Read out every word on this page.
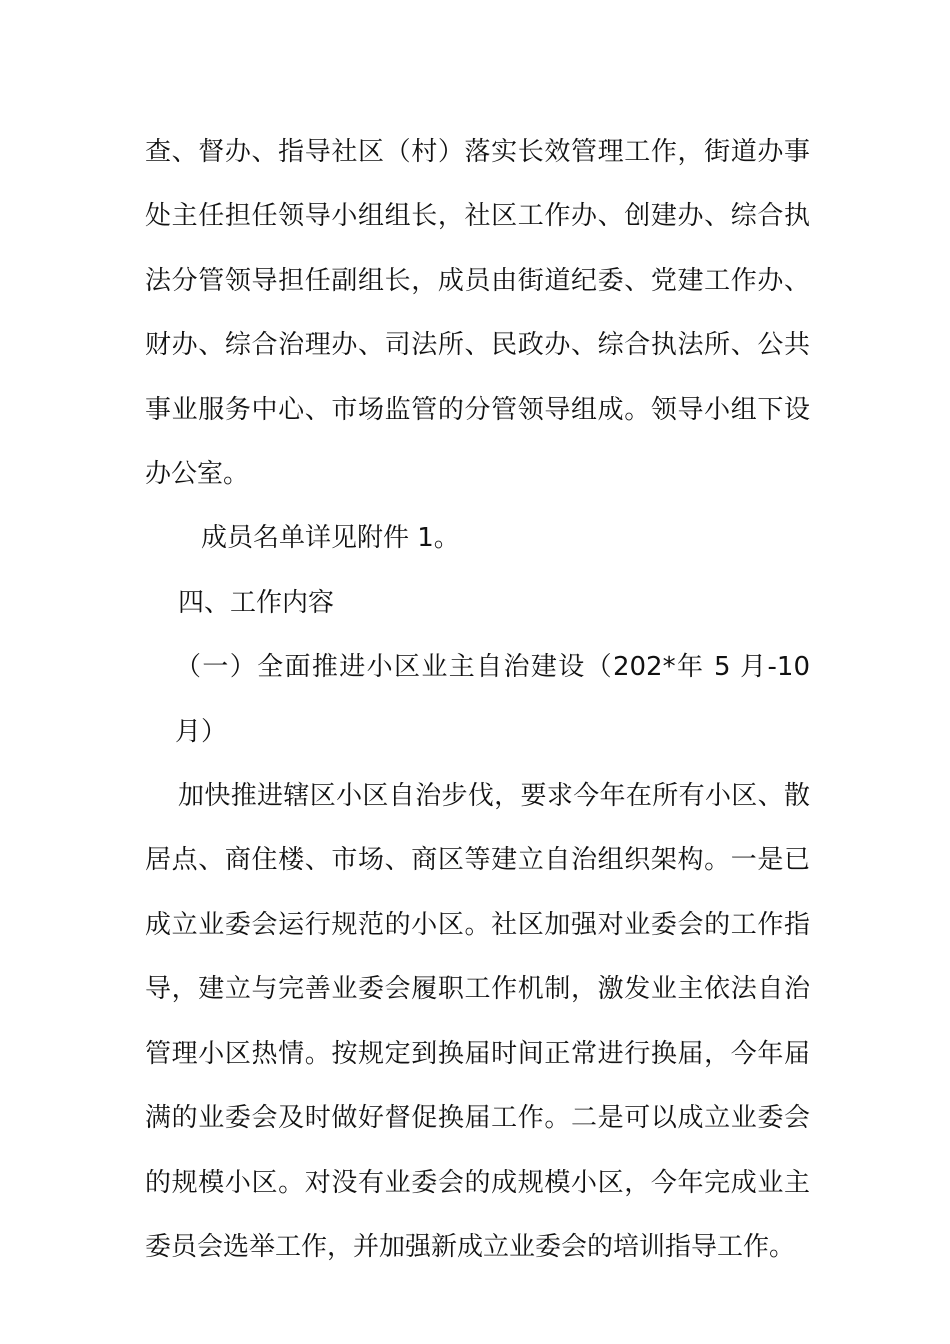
查、督办、指导社区（村）落实长效管理工作，街道办事处主任担任领导小组组长，社区工作办、创建办、综合执法分管领导担任副组长，成员由街道纪委、党建工作办、财办、综合治理办、司法所、民政办、综合执法所、公共事业服务中心、市场监管的分管领导组成。领导小组下设办公室。

成员名单详见附件 1。

四、工作内容

（一）全面推进小区业主自治建设（202*年 5 月-10 月）

加快推进辖区小区自治步伐，要求今年在所有小区、散居点、商住楼、市场、商区等建立自治组织架构。一是已成立业委会运行规范的小区。社区加强对业委会的工作指导，建立与完善业委会履职工作机制，激发业主依法自治管理小区热情。按规定到换届时间正常进行换届，今年届满的业委会及时做好督促换届工作。二是可以成立业委会的规模小区。对没有业委会的成规模小区，今年完成业主委员会选举工作，并加强新成立业委会的培训指导工作。
